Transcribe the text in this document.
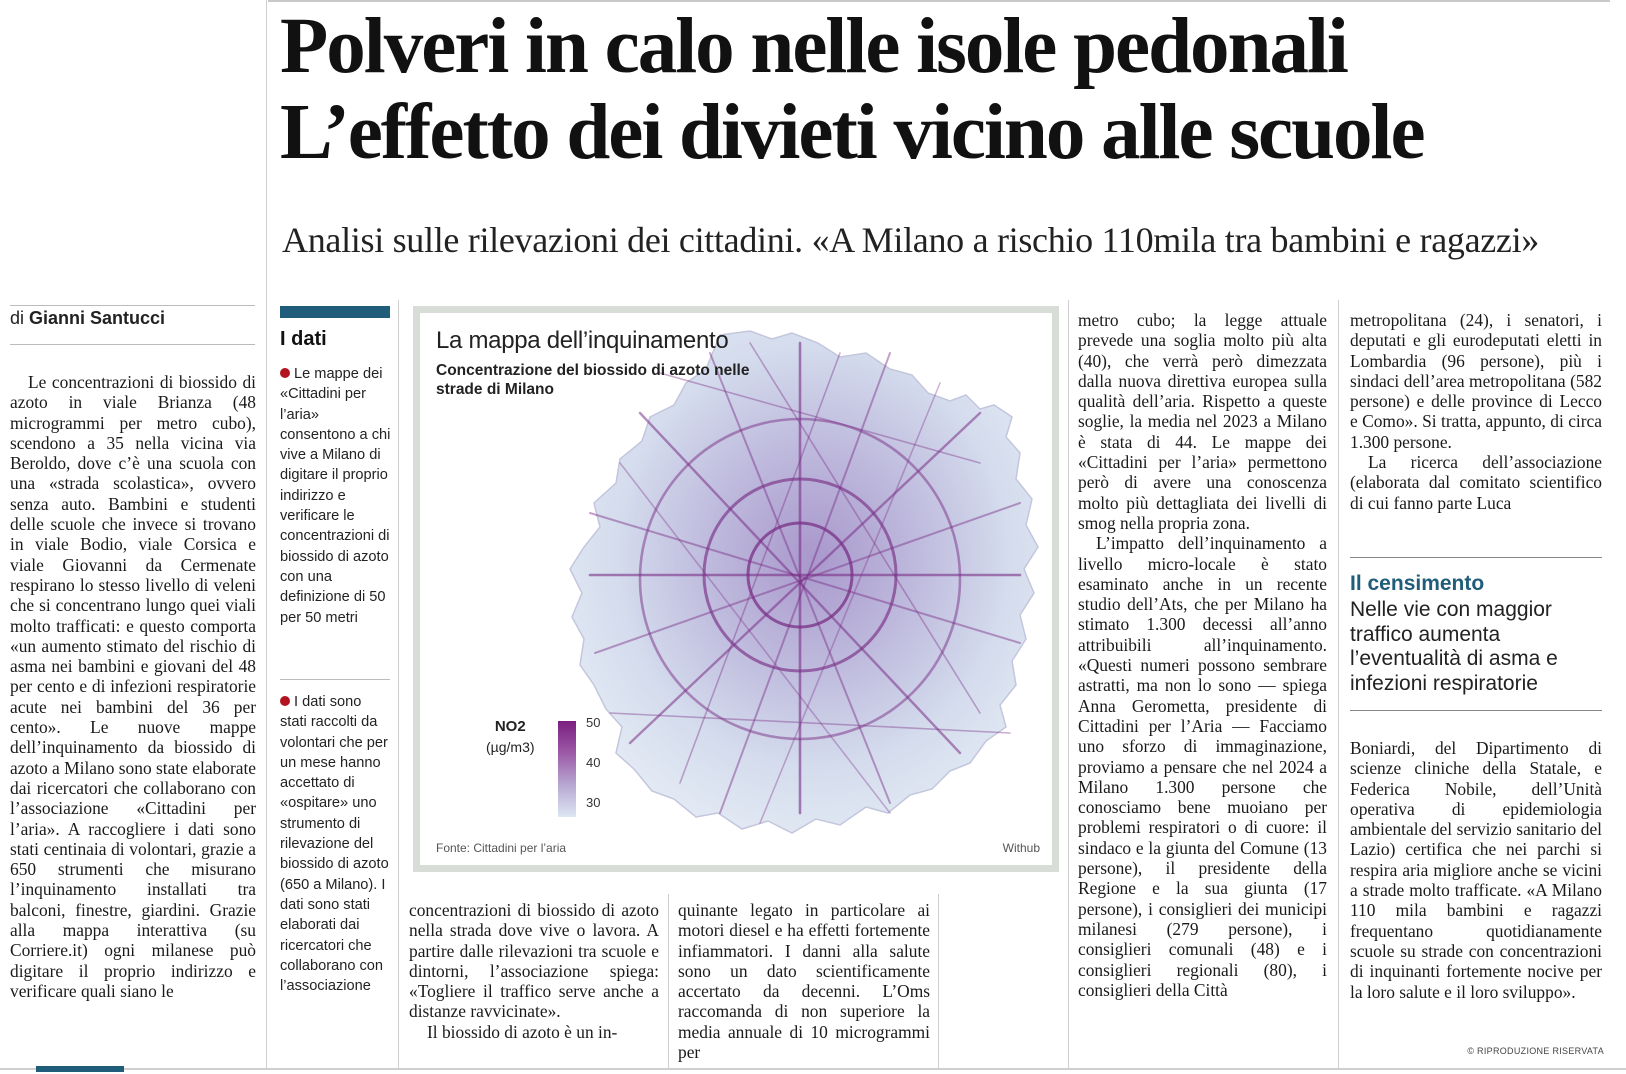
Polveri in calo nelle isole pedonali
L’effetto dei divieti vicino alle scuole
Analisi sulle rilevazioni dei cittadini. «A Milano a rischio 110mila tra bambini e ragazzi»
di Gianni Santucci

Le concentrazioni di biossido di azoto in viale Brianza (48 microgrammi per metro cubo), scendono a 35 nella vicina via Beroldo, dove c’è una scuola con una «strada scolastica», ovvero senza auto. Bambini e studenti delle scuole che invece si trovano in viale Bodio, viale Corsica e viale Giovanni da Cermenate respirano lo stesso livello di veleni che si concentrano lungo quei viali molto trafficati: e questo comporta «un aumento stimato del rischio di asma nei bambini e giovani del 48 per cento e di infezioni respiratorie acute nei bambini del 36 per cento». Le nuove mappe dell’inquinamento da biossido di azoto a Milano sono state elaborate dai ricercatori che collaborano con l’associazione «Cittadini per l’aria». A raccogliere i dati sono stati centinaia di volontari, grazie a 650 strumenti che misurano l’inquinamento installati tra balconi, finestre, giardini. Grazie alla mappa interattiva (su Corriere.it) ogni milanese può digitare il proprio indirizzo e verificare quali siano le

I dati
Le mappe dei «Cittadini per l’aria» consentono a chi vive a Milano di digitare il proprio indirizzo e verificare le concentrazioni di biossido di azoto con una definizione di 50 per 50 metri
I dati sono stati raccolti da volontari che per un mese hanno accettato di «ospitare» uno strumento di rilevazione del biossido di azoto (650 a Milano). I dati sono stati elaborati dai ricercatori che collaborano con l’associazione
La mappa dell’inquinamento
Concentrazione del biossido di azoto nelle strade di Milano
NO2
(µg/m3)
50
40
30
Fonte: Cittadini per l’aria	Withub

concentrazioni di biossido di azoto nella strada dove vive o lavora. A partire dalle rilevazioni tra scuole e dintorni, l’associazione spiega: «Togliere il traffico serve anche a distanze ravvicinate».

Il biossido di azoto è un in-

quinante legato in particolare ai motori diesel e ha effetti fortemente infiammatori. I danni alla salute sono un dato scientificamente accertato da decenni. L’Oms raccomanda di non superiore la media annuale di 10 microgrammi per

metro cubo; la legge attuale prevede una soglia molto più alta (40), che verrà però dimezzata dalla nuova direttiva europea sulla qualità dell’aria. Rispetto a queste soglie, la media nel 2023 a Milano è stata di 44. Le mappe dei «Cittadini per l’aria» permettono però di avere una conoscenza molto più dettagliata dei livelli di smog nella propria zona.

L’impatto dell’inquinamento a livello micro-locale è stato esaminato anche in un recente studio dell’Ats, che per Milano ha stimato 1.300 decessi all’anno attribuibili all’inquinamento. «Questi numeri possono sembrare astratti, ma non lo sono — spiega Anna Gerometta, presidente di Cittadini per l’Aria — Facciamo uno sforzo di immaginazione, proviamo a pensare che nel 2024 a Milano 1.300 persone che conosciamo bene muoiano per problemi respiratori o di cuore: il sindaco e la giunta del Comune (13 persone), il presidente della Regione e la sua giunta (17 persone), i consiglieri dei municipi milanesi (279 persone), i consiglieri comunali (48) e i consiglieri regionali (80), i consiglieri della Città

metropolitana (24), i senatori, i deputati e gli eurodeputati eletti in Lombardia (96 persone), più i sindaci dell’area metropolitana (582 persone) e delle province di Lecco e Como». Si tratta, appunto, di circa 1.300 persone.

La ricerca dell’associazione (elaborata dal comitato scientifico di cui fanno parte Luca

Il censimento
Nelle vie con maggior traffico aumenta l’eventualità di asma e infezioni respiratorie

Boniardi, del Dipartimento di scienze cliniche della Statale, e Federica Nobile, dell’Unità operativa di epidemiologia ambientale del servizio sanitario del Lazio) certifica che nei parchi si respira aria migliore anche se vicini a strade molto trafficate. «A Milano 110 mila bambini e ragazzi frequentano quotidianamente scuole su strade con concentrazioni di inquinanti fortemente nocive per la loro salute e il loro sviluppo».

© RIPRODUZIONE RISERVATA
